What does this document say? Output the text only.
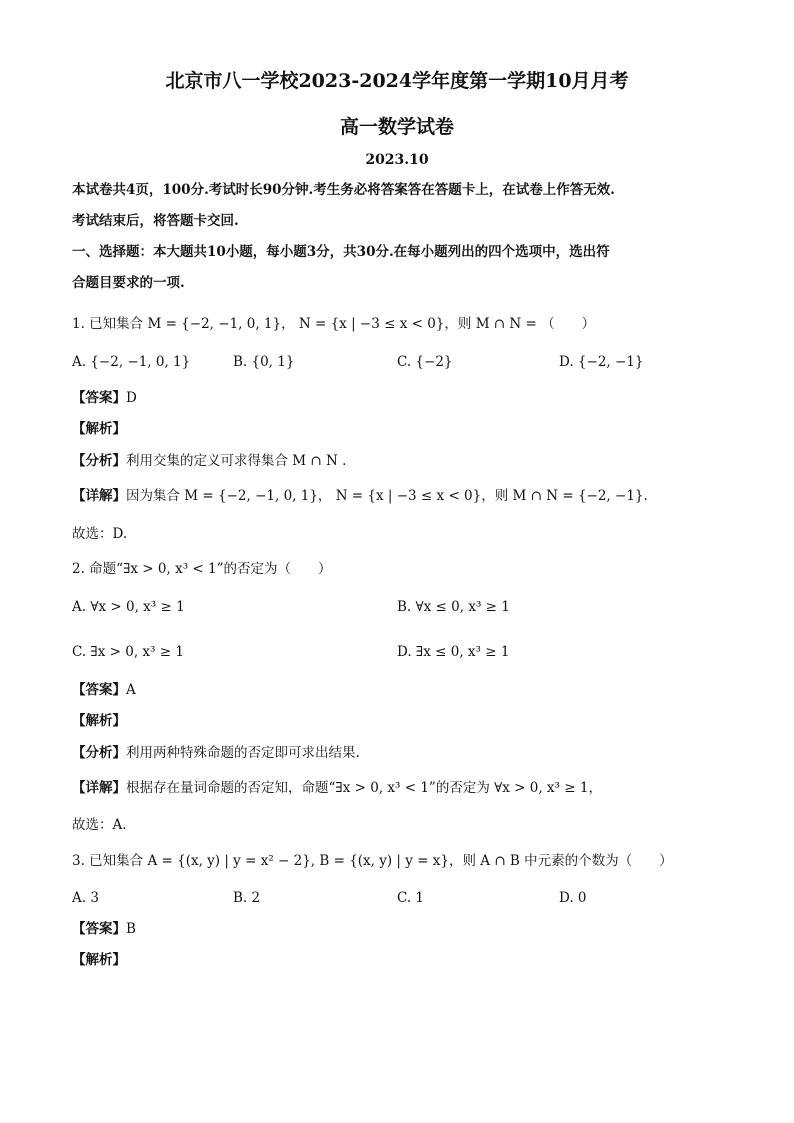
北京市八一学校2023-2024学年度第一学期10月月考
高一数学试卷
2023.10
本试卷共4页，100分.考试时长90分钟.考生务必将答案答在答题卡上，在试卷上作答无效.
考试结束后，将答题卡交回.
一、选择题：本大题共10小题，每小题3分，共30分.在每小题列出的四个选项中，选出符
合题目要求的一项.
1. 已知集合 M = {−2, −1, 0, 1}， N = {x | −3 ≤ x < 0}，则 M ∩ N = （　　）
A. {−2, −1, 0, 1}	B. {0, 1}	C. {−2}	D. {−2, −1}
【答案】D
【解析】
【分析】利用交集的定义可求得集合 M ∩ N .
【详解】因为集合 M = {−2, −1, 0, 1}， N = {x | −3 ≤ x < 0}，则 M ∩ N = {−2, −1}.
故选：D.
2. 命题“∃x > 0, x³ < 1”的否定为（　　）
A. ∀x > 0, x³ ≥ 1	B. ∀x ≤ 0, x³ ≥ 1
C. ∃x > 0, x³ ≥ 1	D. ∃x ≤ 0, x³ ≥ 1
【答案】A
【解析】
【分析】利用两种特殊命题的否定即可求出结果.
【详解】根据存在量词命题的否定知，命题“∃x > 0, x³ < 1”的否定为 ∀x > 0, x³ ≥ 1，
故选：A.
3. 已知集合 A = {(x, y) | y = x² − 2}, B = {(x, y) | y = x}，则 A ∩ B 中元素的个数为（　　）
A. 3	B. 2	C. 1	D. 0
【答案】B
【解析】
